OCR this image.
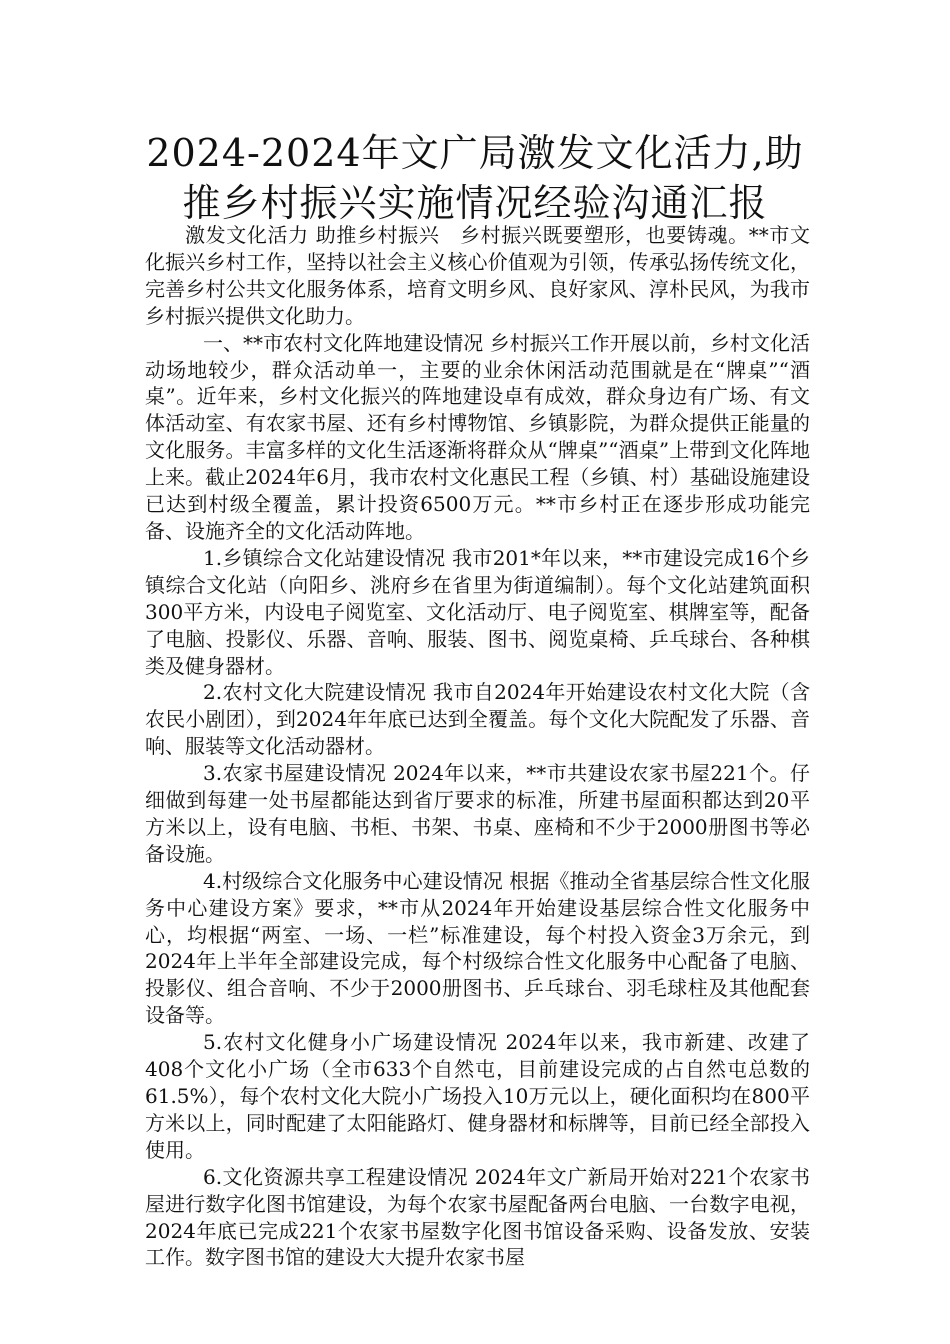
2024-2024年文广局激发文化活力,助推乡村振兴实施情况经验沟通汇报

激发文化活力 助推乡村振兴　乡村振兴既要塑形，也要铸魂。**市文化振兴乡村工作，坚持以社会主义核心价值观为引领，传承弘扬传统文化，完善乡村公共文化服务体系，培育文明乡风、良好家风、淳朴民风，为我市乡村振兴提供文化助力。

一、**市农村文化阵地建设情况 乡村振兴工作开展以前，乡村文化活动场地较少，群众活动单一，主要的业余休闲活动范围就是在“牌桌”“酒桌”。近年来，乡村文化振兴的阵地建设卓有成效，群众身边有广场、有文体活动室、有农家书屋、还有乡村博物馆、乡镇影院，为群众提供正能量的文化服务。丰富多样的文化生活逐渐将群众从“牌桌”“酒桌”上带到文化阵地上来。截止2024年6月，我市农村文化惠民工程（乡镇、村）基础设施建设已达到村级全覆盖，累计投资6500万元。**市乡村正在逐步形成功能完备、设施齐全的文化活动阵地。

1.乡镇综合文化站建设情况 我市201*年以来，**市建设完成16个乡镇综合文化站（向阳乡、洮府乡在省里为街道编制）。每个文化站建筑面积300平方米，内设电子阅览室、文化活动厅、电子阅览室、棋牌室等，配备了电脑、投影仪、乐器、音响、服装、图书、阅览桌椅、乒乓球台、各种棋类及健身器材。

2.农村文化大院建设情况 我市自2024年开始建设农村文化大院（含农民小剧团），到2024年年底已达到全覆盖。每个文化大院配发了乐器、音响、服装等文化活动器材。

3.农家书屋建设情况 2024年以来，**市共建设农家书屋221个。仔细做到每建一处书屋都能达到省厅要求的标准，所建书屋面积都达到20平方米以上，设有电脑、书柜、书架、书桌、座椅和不少于2000册图书等必备设施。

4.村级综合文化服务中心建设情况 根据《推动全省基层综合性文化服务中心建设方案》要求，**市从2024年开始建设基层综合性文化服务中心，均根据“两室、一场、一栏”标准建设，每个村投入资金3万余元，到2024年上半年全部建设完成，每个村级综合性文化服务中心配备了电脑、投影仪、组合音响、不少于2000册图书、乒乓球台、羽毛球柱及其他配套设备等。

5.农村文化健身小广场建设情况 2024年以来，我市新建、改建了408个文化小广场（全市633个自然屯，目前建设完成的占自然屯总数的61.5%），每个农村文化大院小广场投入10万元以上，硬化面积均在800平方米以上，同时配建了太阳能路灯、健身器材和标牌等，目前已经全部投入使用。

6.文化资源共享工程建设情况 2024年文广新局开始对221个农家书屋进行数字化图书馆建设，为每个农家书屋配备两台电脑、一台数字电视，2024年底已完成221个农家书屋数字化图书馆设备采购、设备发放、安装工作。数字图书馆的建设大大提升农家书屋
